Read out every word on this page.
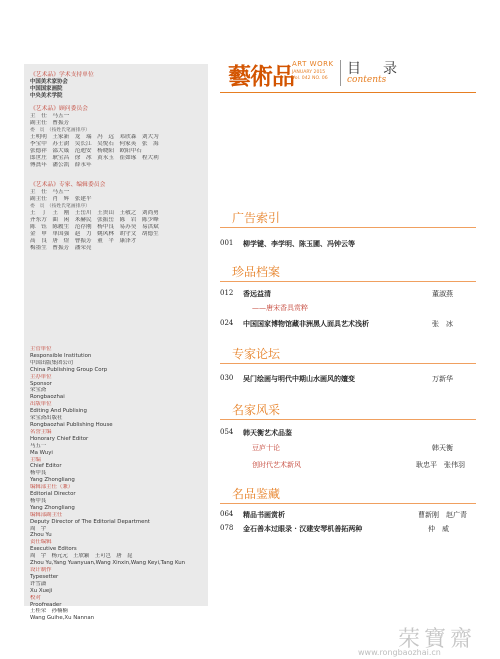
《艺术品》学术支持单位
中国美术家协会
中国国家画院
中央美术学院
《艺术品》顾问委员会
主　任　马五一
副主任　曹振芳
委　员　（按姓氏笔画排序）
王明明　王家新　龙　瑞　冯　远　邓欣森　刘大为
李宝中　苏士澍　吴长江　吴悦石　何家英　张　海
张德祥　邵大箴　范迪安　杨晓阳　欧阳中石
郎世庄　耿宝昌　徐　冰　黄永玉　崔如琢　程大利
傅熹年　潘公凯　薛永年
《艺术品》专家、编辑委员会
主　任　马五一
副主任　肖　辉　张建平
委　员　（按姓氏笔画排序）
王　丁　王　刚　王岳川　王贵山　王敬之　刘尚勇
齐东方　曲　闲　米赫民　张振岳　陈　岩　陈少峰
陈　钰　陈履生　范存刚　杨中良　易苏昊　易洪斌
金　申　单国强　赵　力　姚风林　胡守文　胡德生
高　良　唐　煜　曹振芳　董　平　康泽才
梅墨生　曹振芳　潘荣亮
主管单位
Responsible Institution
中国出版集团公司
China Publishing Group Corp
主办单位
Sponsor
荣宝斋
Rongbaozhai
出版单位
Editing And Publising
荣宝斋出版社
Rongbaozhai Publishing House
名誉主编
Honorary Chief Editor
马五一
Ma Wuyi
主编
Chief Editor
杨中良
Yang Zhongliang
编辑部主任（兼）
Editorial Director
杨中良
Yang Zhongliang
编辑部副主任
Deputy Director of The Editorial Department
周　宇
Zhou Yu
责任编辑
Executive Editors
周　宇　杨元元　王欣颖　王可岂　唐　昆
Zhou Yu,Yang Yuanyuan,Wang Xinxin,Wang Keyi,Tang Kun
设计制作
Typesetter
许雪潇
Xu Xueji
校对
Proofreader
王桂荣　孙楠楠
Wang Guihe,Xu Nannan
藝術品
ART WORK
JANUARY 2015
Vol. 042 NO. 06
目　录
contents
广告索引
001 柳学键、李学明、陈玉圃、冯钟云等
珍品档案
012 香远益清	董淑燕
——唐宋香具赏粹
024 中国国家博物馆藏非洲黑人面具艺术浅析	张　冰
专家论坛
030 吴门绘画与明代中期山水画风的嬗变	万新华
名家风采
054 韩天衡艺术品鉴
豆庐十论	韩天衡
创时代艺术新风	耿忠平　张伟羽
名品鉴藏
064 精品书画赏析	曹新刚　赵广青
078 金石善本过眼录 · 汉建安琴机善拓两种	仲　威
荣寶齋
www.rongbaozhai.cn
